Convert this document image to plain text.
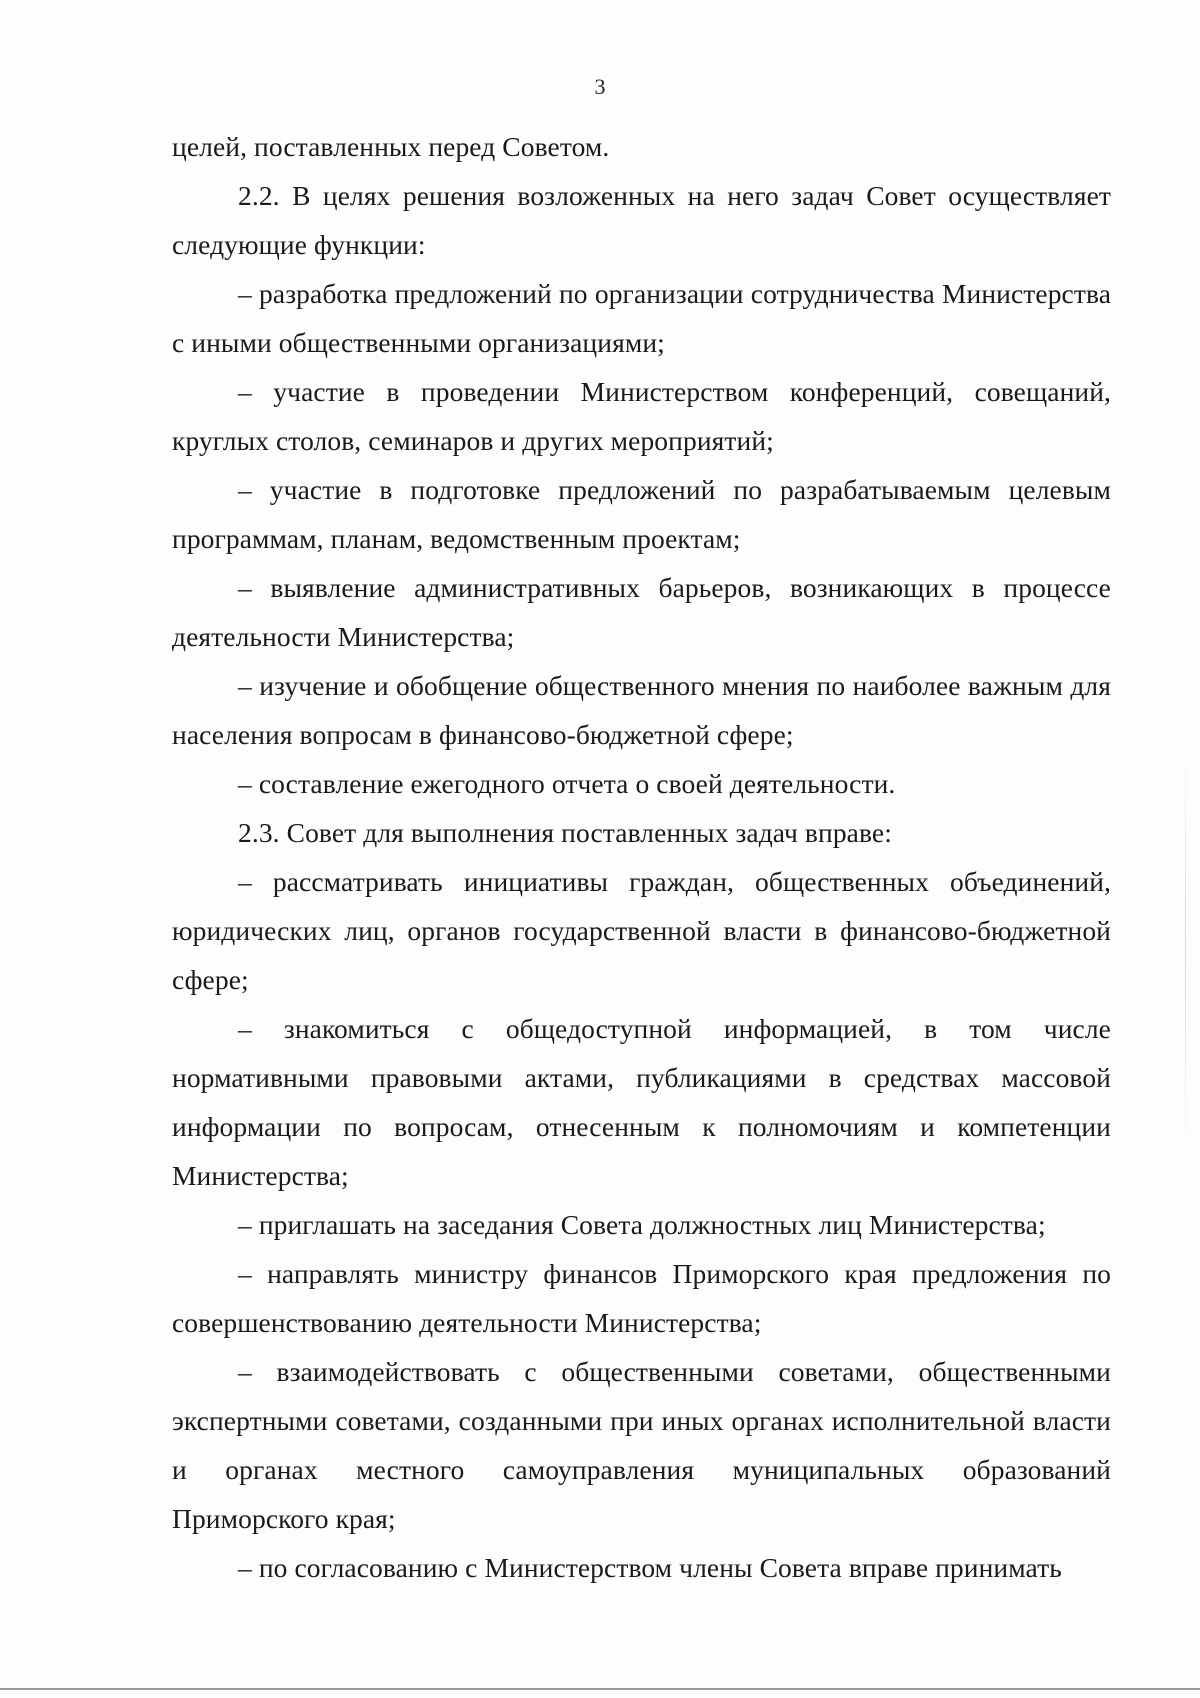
3

целей, поставленных перед Советом.

2.2. В целях решения возложенных на него задач Совет осуществляет следующие функции:

– разработка предложений по организации сотрудничества Министерства с иными общественными организациями;

– участие в проведении Министерством конференций, совещаний, круглых столов, семинаров и других мероприятий;

– участие в подготовке предложений по разрабатываемым целевым программам, планам, ведомственным проектам;

– выявление административных барьеров, возникающих в процессе деятельности Министерства;

– изучение и обобщение общественного мнения по наиболее важным для населения вопросам в финансово-бюджетной сфере;

– составление ежегодного отчета о своей деятельности.

2.3. Совет для выполнения поставленных задач вправе:

– рассматривать инициативы граждан, общественных объединений, юридических лиц, органов государственной власти в финансово-бюджетной сфере;

– знакомиться с общедоступной информацией, в том числе нормативными правовыми актами, публикациями в средствах массовой информации по вопросам, отнесенным к полномочиям и компетенции Министерства;

– приглашать на заседания Совета должностных лиц Министерства;

– направлять министру финансов Приморского края предложения по совершенствованию деятельности Министерства;

– взаимодействовать с общественными советами, общественными экспертными советами, созданными при иных органах исполнительной власти и органах местного самоуправления муниципальных образований Приморского края;

– по согласованию с Министерством члены Совета вправе принимать
